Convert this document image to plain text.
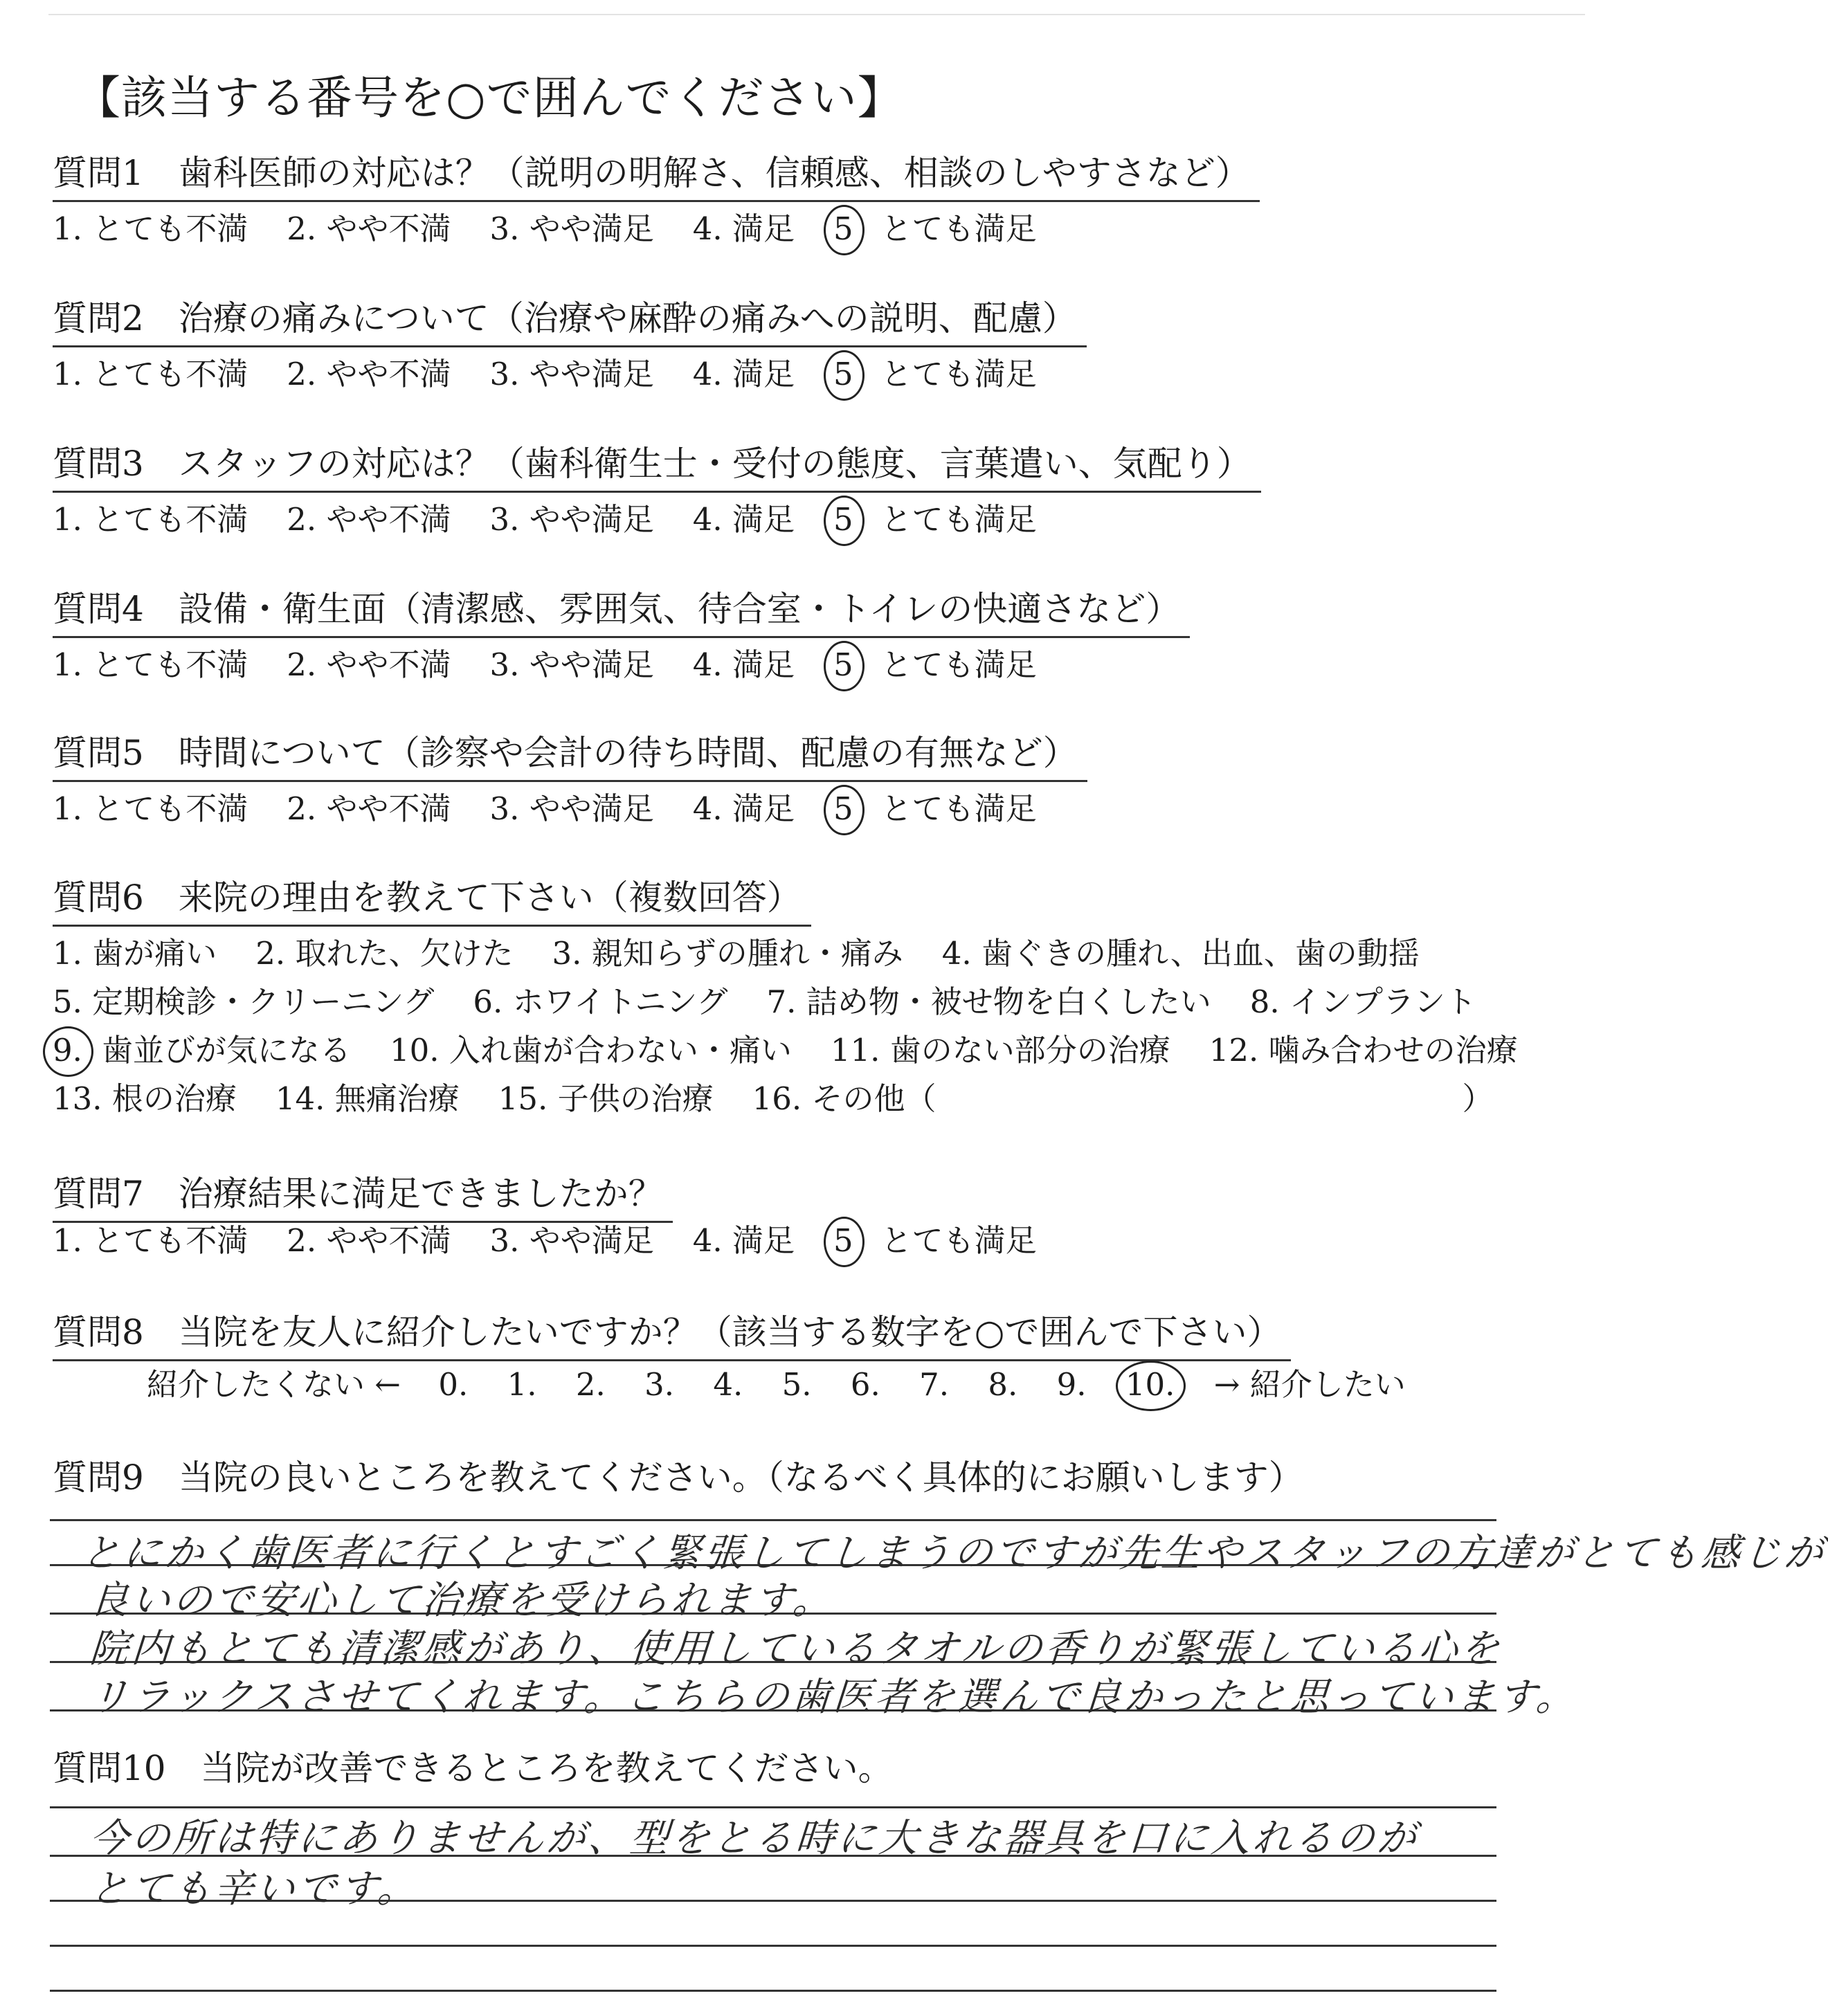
【該当する番号を○で囲んでください】
質問1　歯科医師の対応は？（説明の明解さ、信頼感、相談のしやすさなど）
1. とても不満 2. やや不満 3. やや満足 4. 満足 5 とても満足
質問2　治療の痛みについて（治療や麻酔の痛みへの説明、配慮）
1. とても不満 2. やや不満 3. やや満足 4. 満足 5 とても満足
質問3　スタッフの対応は？（歯科衛生士・受付の態度、言葉遣い、気配り）
1. とても不満 2. やや不満 3. やや満足 4. 満足 5 とても満足
質問4　設備・衛生面（清潔感、雰囲気、待合室・トイレの快適さなど）
1. とても不満 2. やや不満 3. やや満足 4. 満足 5 とても満足
質問5　時間について（診察や会計の待ち時間、配慮の有無など）
1. とても不満 2. やや不満 3. やや満足 4. 満足 5 とても満足
質問6　来院の理由を教えて下さい（複数回答）
1. 歯が痛い 2. 取れた、欠けた 3. 親知らずの腫れ・痛み 4. 歯ぐきの腫れ、出血、歯の動揺
5. 定期検診・クリーニング 6. ホワイトニング 7. 詰め物・被せ物を白くしたい 8. インプラント
9. 歯並びが気になる 10. 入れ歯が合わない・痛い 11. 歯のない部分の治療 12. 噛み合わせの治療
13. 根の治療 14. 無痛治療 15. 子供の治療 16. その他（	）
質問7　治療結果に満足できましたか？
1. とても不満 2. やや不満 3. やや満足 4. 満足 5 とても満足
質問8　当院を友人に紹介したいですか？（該当する数字を○で囲んで下さい）
紹介したくない ← 0. 1. 2. 3. 4. 5. 6. 7. 8. 9. 10. → 紹介したい
質問9　当院の良いところを教えてください。（なるべく具体的にお願いします）
とにかく歯医者に行くとすごく緊張してしまうのですが先生やスタッフの方達がとても感じが
良いので安心して治療を受けられます。
院内もとても清潔感があり、使用しているタオルの香りが緊張している心を
リラックスさせてくれます。こちらの歯医者を選んで良かったと思っています。
質問10　当院が改善できるところを教えてください。
今の所は特にありませんが、型をとる時に大きな器具を口に入れるのが
とても辛いです。
